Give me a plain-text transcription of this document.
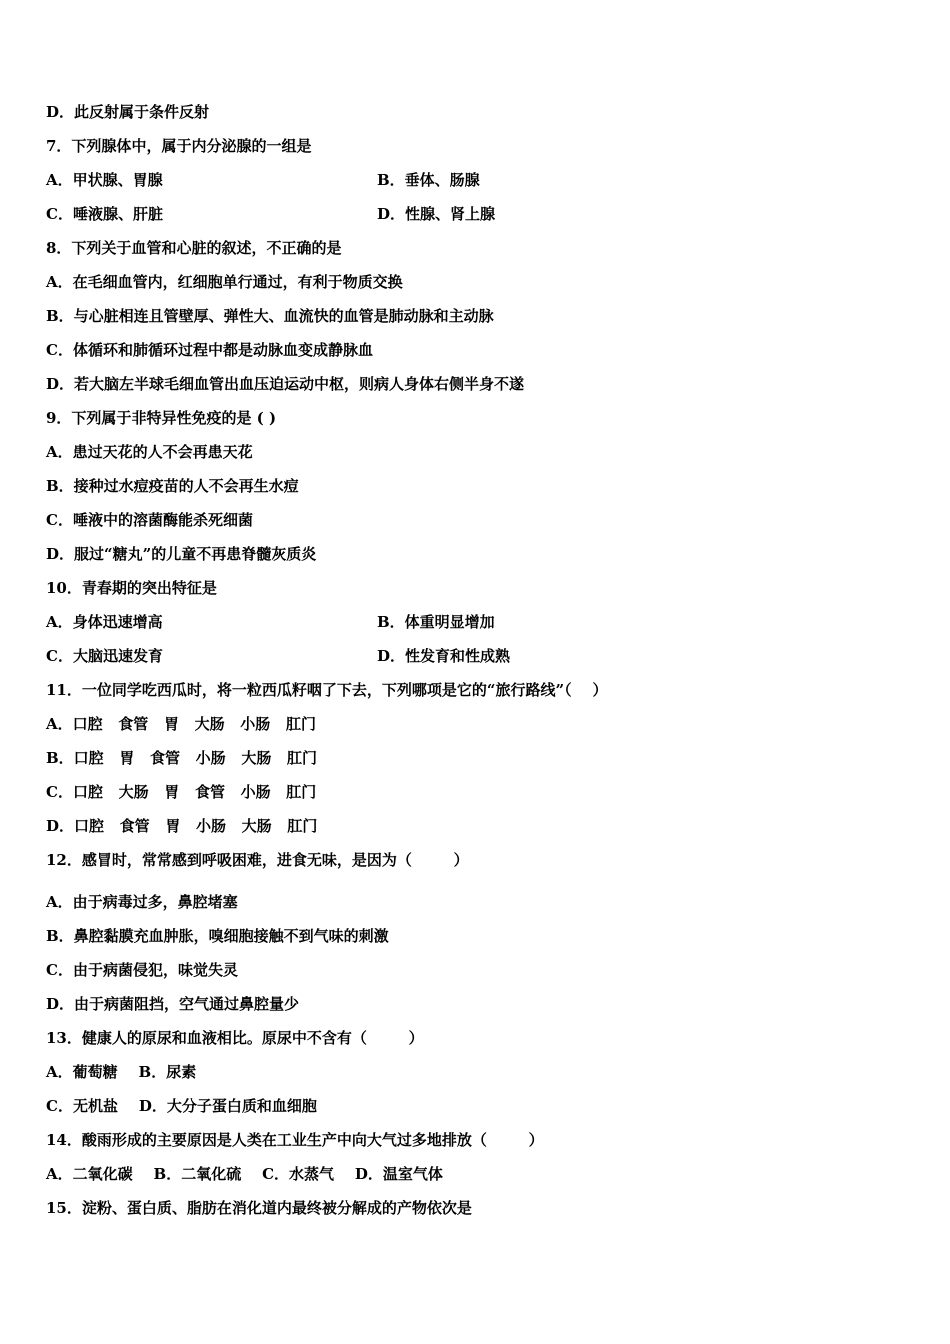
D．此反射属于条件反射
7．下列腺体中，属于内分泌腺的一组是
A．甲状腺、胃腺	B．垂体、肠腺
C．唾液腺、肝脏	D．性腺、肾上腺
8．下列关于血管和心脏的叙述，不正确的是
A．在毛细血管内，红细胞单行通过，有利于物质交换
B．与心脏相连且管壁厚、弹性大、血流快的血管是肺动脉和主动脉
C．体循环和肺循环过程中都是动脉血变成静脉血
D．若大脑左半球毛细血管出血压迫运动中枢，则病人身体右侧半身不遂
9．下列属于非特异性免疫的是 ( )
A．患过天花的人不会再患天花
B．接种过水痘疫苗的人不会再生水痘
C．唾液中的溶菌酶能杀死细菌
D．服过“糖丸”的儿童不再患脊髓灰质炎
10．青春期的突出特征是
A．身体迅速增高	B．体重明显增加
C．大脑迅速发育	D．性发育和性成熟
11．一位同学吃西瓜时，将一粒西瓜籽咽了下去，下列哪项是它的“旅行路线”（    ）
A．口腔   食管   胃   大肠   小肠   肛门
B．口腔   胃   食管   小肠   大肠   肛门
C．口腔   大肠   胃   食管   小肠   肛门
D．口腔   食管   胃   小肠   大肠   肛门
12．感冒时，常常感到呼吸困难，进食无味，是因为（        ）
A．由于病毒过多，鼻腔堵塞
B．鼻腔黏膜充血肿胀，嗅细胞接触不到气味的刺激
C．由于病菌侵犯，味觉失灵
D．由于病菌阻挡，空气通过鼻腔量少
13．健康人的原尿和血液相比。原尿中不含有（        ）
A．葡萄糖    B．尿素
C．无机盐    D．大分子蛋白质和血细胞
14．酸雨形成的主要原因是人类在工业生产中向大气过多地排放（        ）
A．二氧化碳    B．二氧化硫    C．水蒸气    D．温室气体
15．淀粉、蛋白质、脂肪在消化道内最终被分解成的产物依次是
